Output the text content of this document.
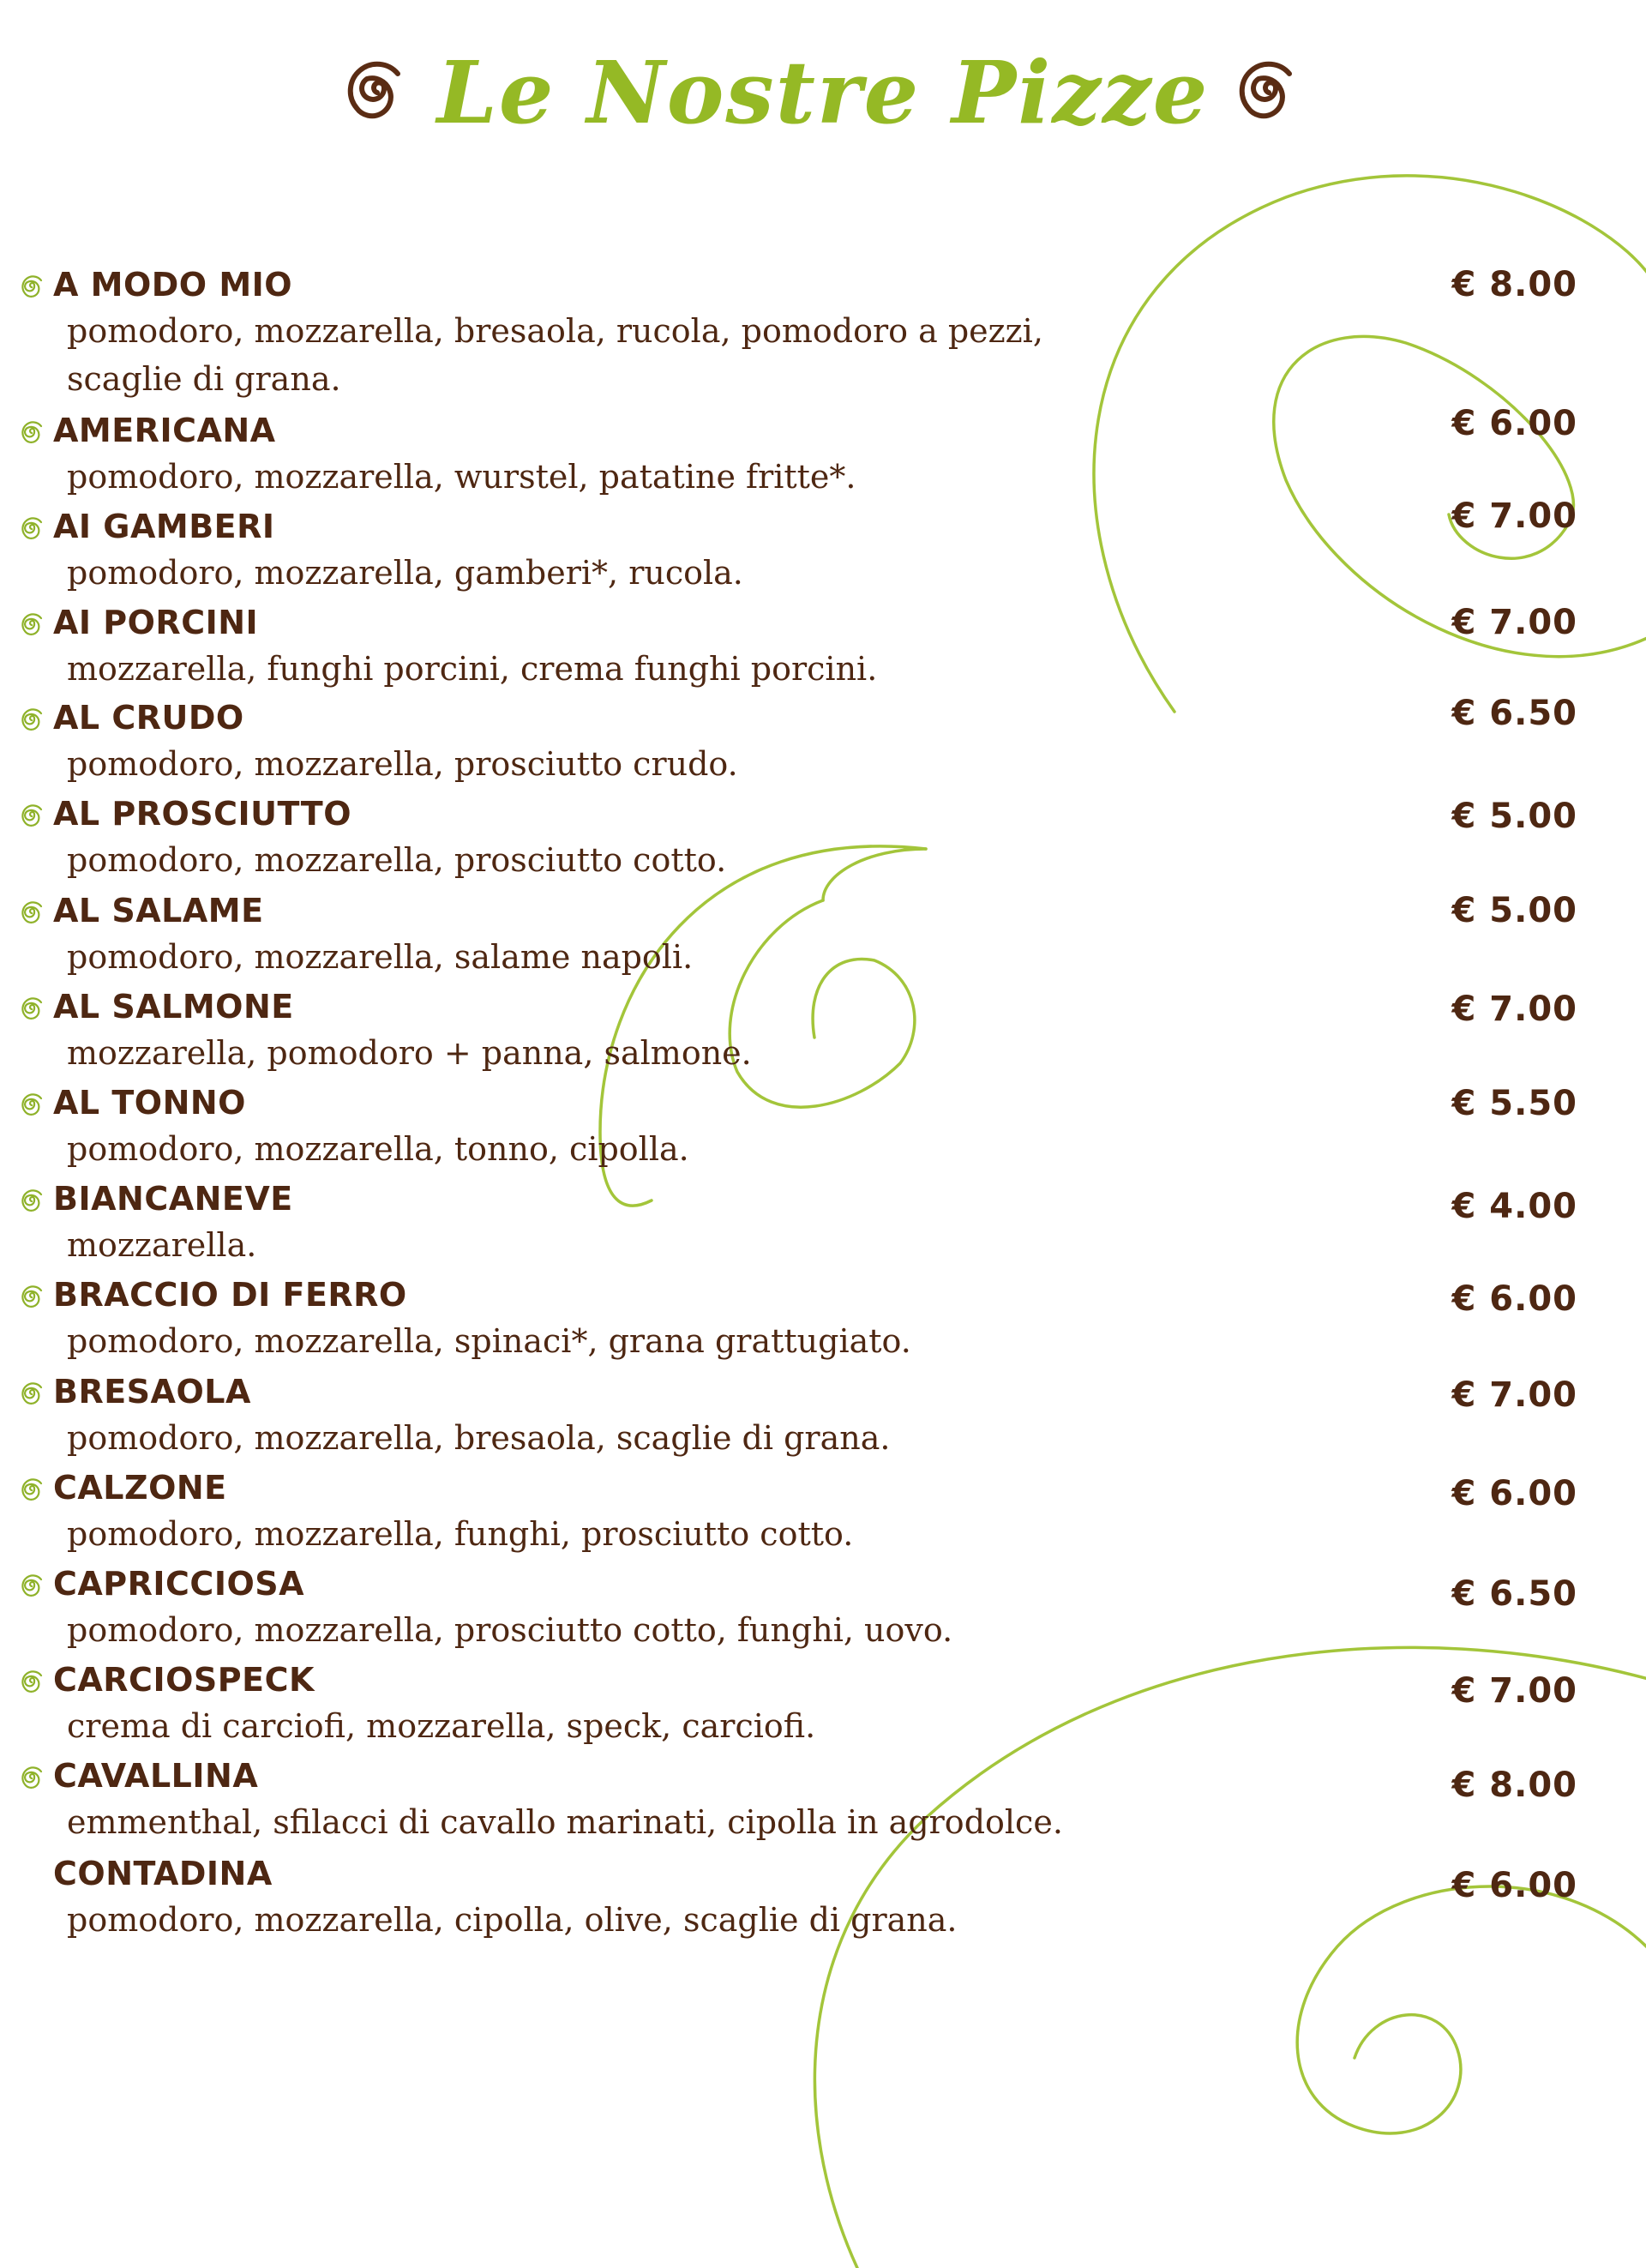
Le Nostre Pizze
A MODO MIO
pomodoro, mozzarella, bresaola, rucola, pomodoro a pezzi, scaglie di grana.
€ 8.00
AMERICANA
pomodoro, mozzarella, wurstel, patatine fritte*.
€ 6.00
AI GAMBERI
pomodoro, mozzarella, gamberi*, rucola.
€ 7.00
AI PORCINI
mozzarella, funghi porcini, crema funghi porcini.
€ 7.00
AL CRUDO
pomodoro, mozzarella, prosciutto crudo.
€ 6.50
AL PROSCIUTTO
pomodoro, mozzarella, prosciutto cotto.
€ 5.00
AL SALAME
pomodoro, mozzarella, salame napoli.
€ 5.00
AL SALMONE
mozzarella, pomodoro + panna, salmone.
€ 7.00
AL TONNO
pomodoro, mozzarella, tonno, cipolla.
€ 5.50
BIANCANEVE
mozzarella.
€ 4.00
BRACCIO DI FERRO
pomodoro, mozzarella, spinaci*, grana grattugiato.
€ 6.00
BRESAOLA
pomodoro, mozzarella, bresaola, scaglie di grana.
€ 7.00
CALZONE
pomodoro, mozzarella, funghi, prosciutto cotto.
€ 6.00
CAPRICCIOSA
pomodoro, mozzarella, prosciutto cotto, funghi, uovo.
€ 6.50
CARCIOSPECK
crema di carciofi, mozzarella, speck, carciofi.
€ 7.00
CAVALLINA
emmenthal, sfilacci di cavallo marinati, cipolla in agrodolce.
€ 8.00
CONTADINA
pomodoro, mozzarella, cipolla, olive, scaglie di grana.
€ 6.00
